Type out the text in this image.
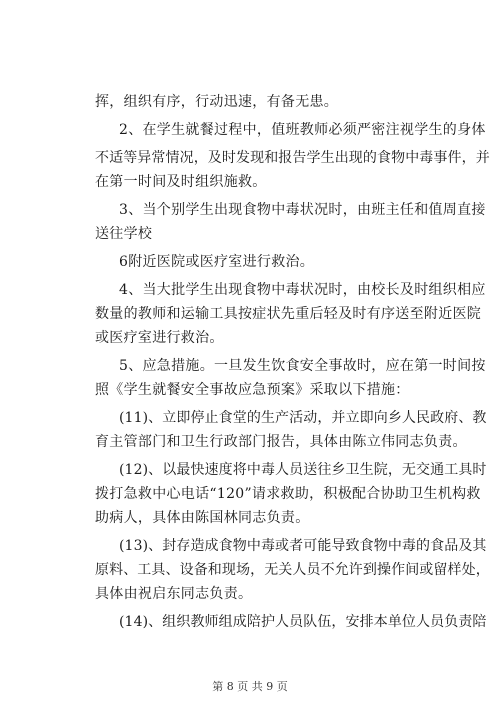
挥，组织有序，行动迅速，有备无患。
2、在学生就餐过程中，值班教师必须严密注视学生的身体
不适等异常情况，及时发现和报告学生出现的食物中毒事件，并
在第一时间及时组织施救。
3、当个别学生出现食物中毒状况时，由班主任和值周直接
送往学校
6附近医院或医疗室进行救治。
4、当大批学生出现食物中毒状况时，由校长及时组织相应
数量的教师和运输工具按症状先重后轻及时有序送至附近医院
或医疗室进行救治。
5、应急措施。一旦发生饮食安全事故时，应在第一时间按
照《学生就餐安全事故应急预案》采取以下措施：
(11)、立即停止食堂的生产活动，并立即向乡人民政府、教
育主管部门和卫生行政部门报告，具体由陈立伟同志负责。
(12)、以最快速度将中毒人员送往乡卫生院，无交通工具时
拨打急救中心电话“120”请求救助，积极配合协助卫生机构救
助病人，具体由陈国林同志负责。
(13)、封存造成食物中毒或者可能导致食物中毒的食品及其
原料、工具、设备和现场，无关人员不允许到操作间或留样处，
具体由祝启东同志负责。
(14)、组织教师组成陪护人员队伍，安排本单位人员负责陪
第 8 页 共 9 页
